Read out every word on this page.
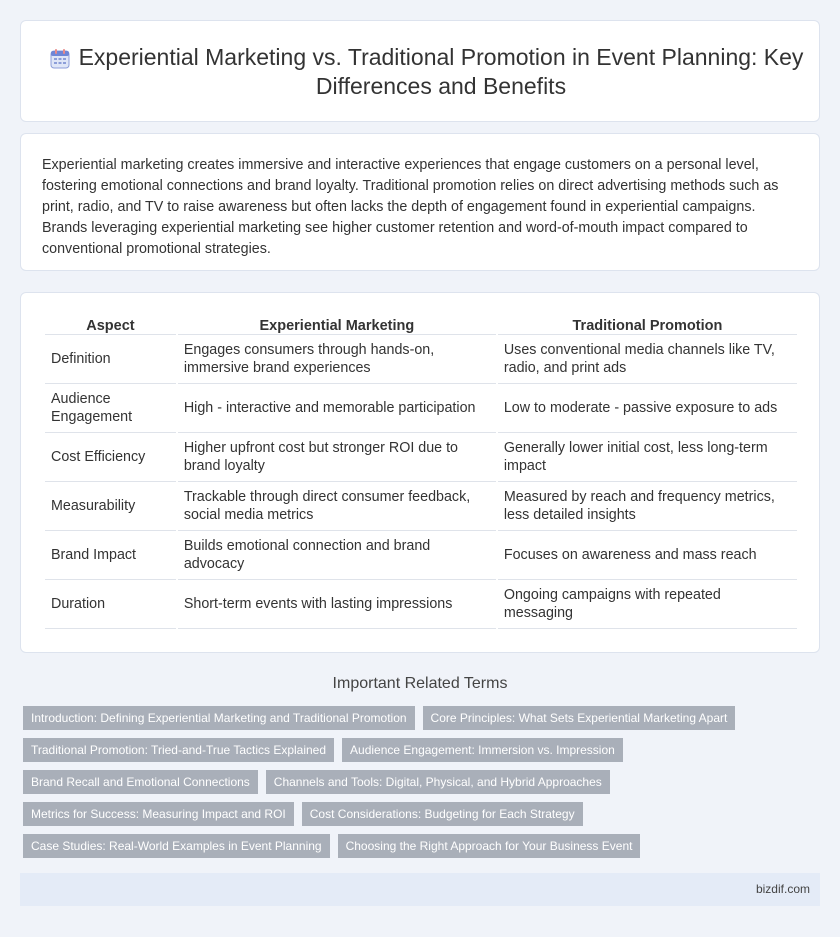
Experiential Marketing vs. Traditional Promotion in Event Planning: Key Differences and Benefits

Experiential marketing creates immersive and interactive experiences that engage customers on a personal level, fostering emotional connections and brand loyalty. Traditional promotion relies on direct advertising methods such as print, radio, and TV to raise awareness but often lacks the depth of engagement found in experiential campaigns. Brands leveraging experiential marketing see higher customer retention and word-of-mouth impact compared to conventional promotional strategies.

Aspect	Experiential Marketing	Traditional Promotion
Definition	Engages consumers through hands-on, immersive brand experiences	Uses conventional media channels like TV, radio, and print ads
Audience Engagement	High - interactive and memorable participation	Low to moderate - passive exposure to ads
Cost Efficiency	Higher upfront cost but stronger ROI due to brand loyalty	Generally lower initial cost, less long-term impact
Measurability	Trackable through direct consumer feedback, social media metrics	Measured by reach and frequency metrics, less detailed insights
Brand Impact	Builds emotional connection and brand advocacy	Focuses on awareness and mass reach
Duration	Short-term events with lasting impressions	Ongoing campaigns with repeated messaging
Important Related Terms
Introduction: Defining Experiential Marketing and Traditional Promotion	Core Principles: What Sets Experiential Marketing Apart
Traditional Promotion: Tried-and-True Tactics Explained	Audience Engagement: Immersion vs. Impression
Brand Recall and Emotional Connections	Channels and Tools: Digital, Physical, and Hybrid Approaches
Metrics for Success: Measuring Impact and ROI	Cost Considerations: Budgeting for Each Strategy
Case Studies: Real-World Examples in Event Planning	Choosing the Right Approach for Your Business Event
bizdif.com
